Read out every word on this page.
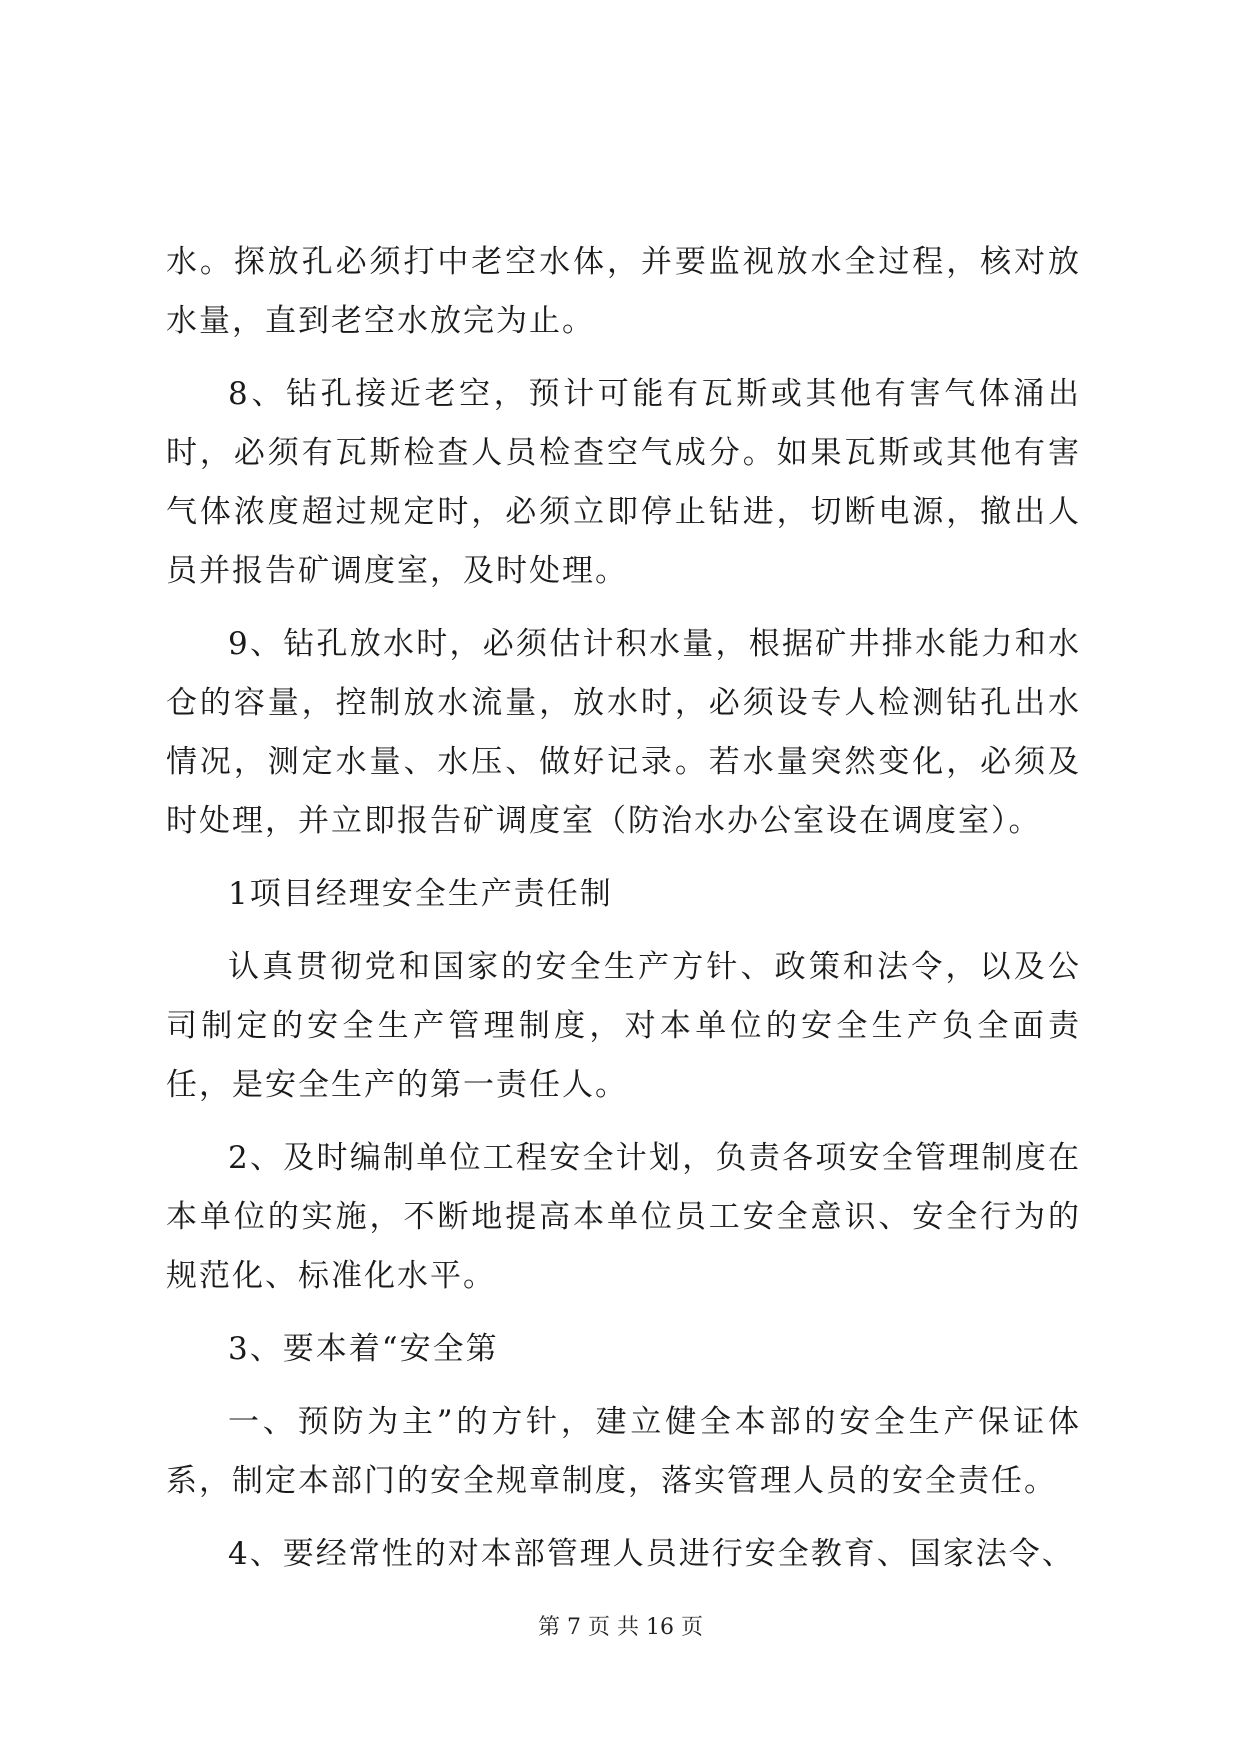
水。探放孔必须打中老空水体，并要监视放水全过程，核对放水量，直到老空水放完为止。

8、钻孔接近老空，预计可能有瓦斯或其他有害气体涌出时，必须有瓦斯检查人员检查空气成分。如果瓦斯或其他有害气体浓度超过规定时，必须立即停止钻进，切断电源，撤出人员并报告矿调度室，及时处理。

9、钻孔放水时，必须估计积水量，根据矿井排水能力和水仓的容量，控制放水流量，放水时，必须设专人检测钻孔出水情况，测定水量、水压、做好记录。若水量突然变化，必须及时处理，并立即报告矿调度室（防治水办公室设在调度室）。

1项目经理安全生产责任制

认真贯彻党和国家的安全生产方针、政策和法令，以及公司制定的安全生产管理制度，对本单位的安全生产负全面责任，是安全生产的第一责任人。

2、及时编制单位工程安全计划，负责各项安全管理制度在本单位的实施，不断地提高本单位员工安全意识、安全行为的规范化、标准化水平。

3、要本着“安全第

一、预防为主”的方针，建立健全本部的安全生产保证体系，制定本部门的安全规章制度，落实管理人员的安全责任。

4、要经常性的对本部管理人员进行安全教育、国家法令、

第 7 页 共 16 页
